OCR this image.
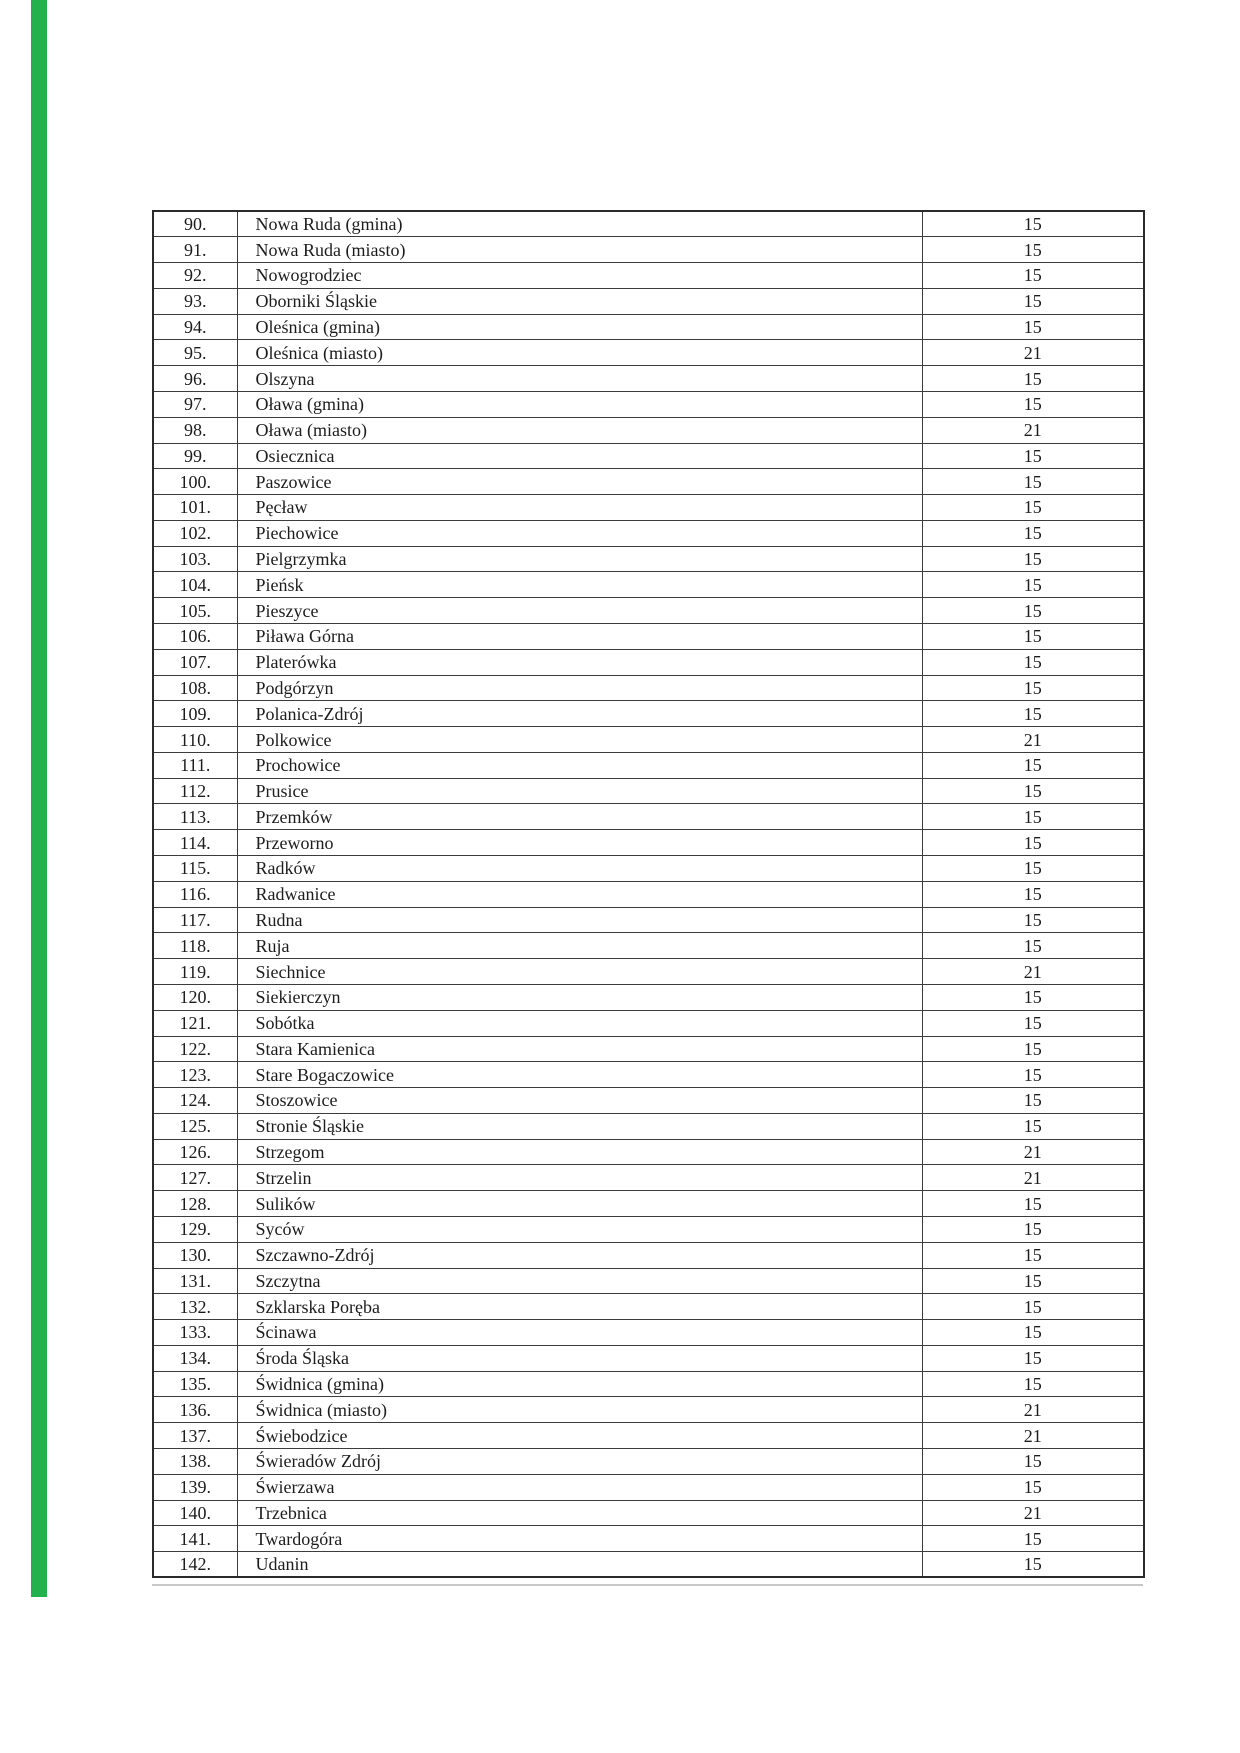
90.	Nowa Ruda (gmina)	15
91.	Nowa Ruda (miasto)	15
92.	Nowogrodziec	15
93.	Oborniki Śląskie	15
94.	Oleśnica (gmina)	15
95.	Oleśnica (miasto)	21
96.	Olszyna	15
97.	Oława (gmina)	15
98.	Oława (miasto)	21
99.	Osiecznica	15
100.	Paszowice	15
101.	Pęcław	15
102.	Piechowice	15
103.	Pielgrzymka	15
104.	Pieńsk	15
105.	Pieszyce	15
106.	Piława Górna	15
107.	Platerówka	15
108.	Podgórzyn	15
109.	Polanica-Zdrój	15
110.	Polkowice	21
111.	Prochowice	15
112.	Prusice	15
113.	Przemków	15
114.	Przeworno	15
115.	Radków	15
116.	Radwanice	15
117.	Rudna	15
118.	Ruja	15
119.	Siechnice	21
120.	Siekierczyn	15
121.	Sobótka	15
122.	Stara Kamienica	15
123.	Stare Bogaczowice	15
124.	Stoszowice	15
125.	Stronie Śląskie	15
126.	Strzegom	21
127.	Strzelin	21
128.	Sulików	15
129.	Syców	15
130.	Szczawno-Zdrój	15
131.	Szczytna	15
132.	Szklarska Poręba	15
133.	Ścinawa	15
134.	Środa Śląska	15
135.	Świdnica (gmina)	15
136.	Świdnica (miasto)	21
137.	Świebodzice	21
138.	Świeradów Zdrój	15
139.	Świerzawa	15
140.	Trzebnica	21
141.	Twardogóra	15
142.	Udanin	15
